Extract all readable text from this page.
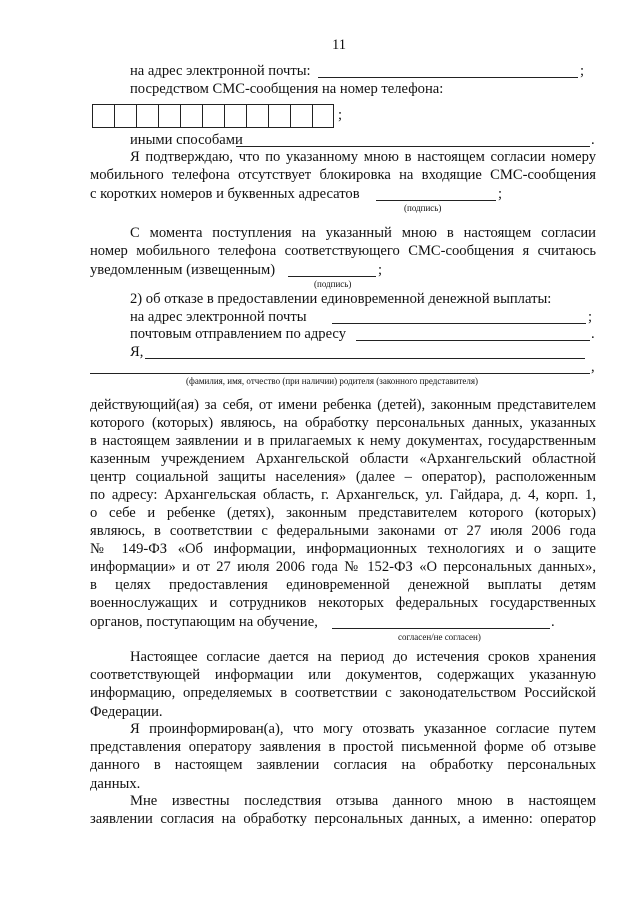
11
на адрес электронной почты:	;
посредством СМС-сообщения на номер телефона:
;
иными способами	.
Я подтверждаю, что по указанному мною в настоящем согласии номеру
мобильного телефона отсутствует блокировка на входящие СМС-сообщения
с коротких номеров и буквенных адресатов	;
(подпись)
С момента поступления на указанный мною в настоящем согласии
номер мобильного телефона соответствующего СМС-сообщения я считаюсь
уведомленным (извещенным)	;
(подпись)
2) об отказе в предоставлении единовременной денежной выплаты:
на адрес электронной почты	;
почтовым отправлением по адресу	.
Я,
,
(фамилия, имя, отчество (при наличии) родителя (законного представителя)
действующий(ая) за себя, от имени ребенка (детей), законным представителем
которого (которых) являюсь, на обработку персональных данных, указанных
в настоящем заявлении и в прилагаемых к нему документах, государственным
казенным учреждением Архангельской области «Архангельский областной
центр социальной защиты населения» (далее – оператор), расположенным
по адресу: Архангельская область, г. Архангельск, ул. Гайдара, д. 4, корп. 1,
о себе и ребенке (детях), законным представителем которого (которых)
являюсь, в соответствии с федеральными законами от 27 июля 2006 года
№ 149-ФЗ «Об информации, информационных технологиях и о защите
информации» и от 27 июля 2006 года № 152-ФЗ «О персональных данных»,
в целях предоставления единовременной денежной выплаты детям
военнослужащих и сотрудников некоторых федеральных государственных
органов, поступающим на обучение,	.
согласен/не согласен)
Настоящее согласие дается на период до истечения сроков хранения
соответствующей информации или документов, содержащих указанную
информацию, определяемых в соответствии с законодательством Российской
Федерации.
Я проинформирован(а), что могу отозвать указанное согласие путем
представления оператору заявления в простой письменной форме об отзыве
данного в настоящем заявлении согласия на обработку персональных
данных.
Мне известны последствия отзыва данного мною в настоящем
заявлении согласия на обработку персональных данных, а именно: оператор
